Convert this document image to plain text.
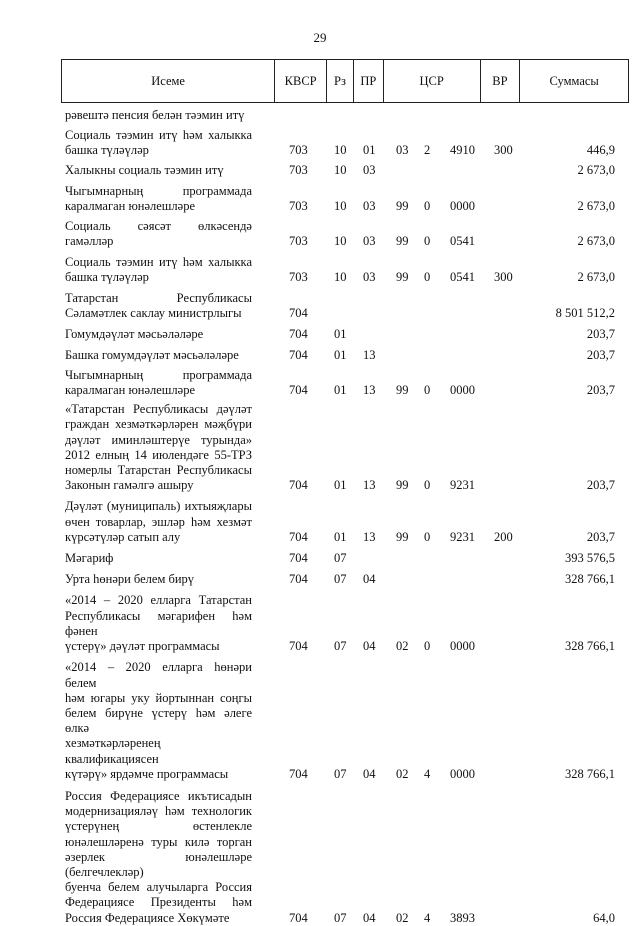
29
Исеме	КВСР	Рз	ПР	ЦСР	ВР	Суммасы
рәвештә пенсия белән тәэмин итү
Социаль тәэмин итү һәм халыкка
башка түләүләр	703 10 01 03 2 4910 300	446,9
Халыкны социаль тәэмин итү	703 10 03	2 673,0
Чыгымнарның программада
каралмаган юнәлешләре	703 10 03 99 0 0000	2 673,0
Социаль сәясәт өлкәсендә гамәлләр	703 10 03 99 0 0541	2 673,0
Социаль тәэмин итү һәм халыкка
башка түләүләр	703 10 03 99 0 0541 300	2 673,0
Татарстан Республикасы
Сәламәтлек саклау министрлыгы	704	8 501 512,2
Гомумдәүләт мәсьәләләре	704 01	203,7
Башка гомумдәүләт мәсьәләләре	704 01 13	203,7
Чыгымнарның программада
каралмаган юнәлешләре	704 01 13 99 0 0000	203,7
«Татарстан Республикасы дәүләт
граждан хезмәткәрләрен мәҗбүри
дәүләт иминләштерүе турында»
2012 елның 14 июлендәге 55-ТРЗ
номерлы Татарстан Республикасы
Законын гамәлгә ашыру	704 01 13 99 0 9231	203,7
Дәүләт (муниципаль) ихтыяҗлары
өчен товарлар, эшләр һәм хезмәт
күрсәтүләр сатып алу	704 01 13 99 0 9231 200	203,7
Мәгариф	704 07	393 576,5
Урта һөнәри белем бирү	704 07 04	328 766,1
«2014 – 2020 елларга Татарстан
Республикасы мәгарифен һәм фәнен
үстерү» дәүләт программасы	704 07 04 02 0 0000	328 766,1
«2014 – 2020 елларга һөнәри белем
һәм югары уку йортыннан соңгы
белем бирүне үстерү һәм әлеге өлкә
хезмәткәрләренең квалификациясен
күтәрү» ярдәмче программасы	704 07 04 02 4 0000	328 766,1
Россия Федерациясе икътисадын
модернизацияләү һәм технологик
үстерүнең өстенлекле
юнәлешләренә туры килә торган
әзерлек юнәлешләре (белгечлекләр)
буенча белем алучыларга Россия
Федерациясе Президенты һәм
Россия Федерациясе Хөкүмәте	704 07 04 02 4 3893	64,0
